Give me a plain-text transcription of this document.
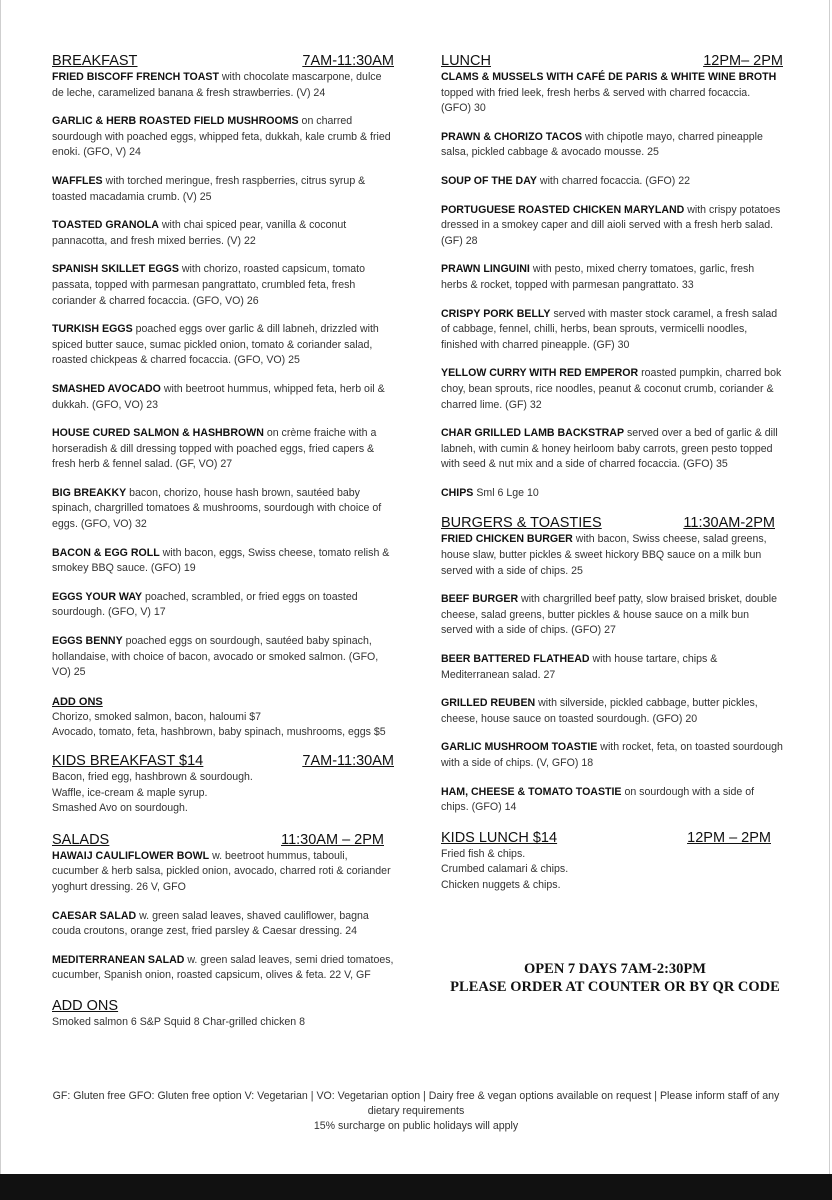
BREAKFAST	7AM-11:30AM
FRIED BISCOFF FRENCH TOAST with chocolate mascarpone, dulce de leche, caramelized banana & fresh strawberries. (V) 24
GARLIC & HERB ROASTED FIELD MUSHROOMS on charred sourdough with poached eggs, whipped feta, dukkah, kale crumb & fried enoki. (GFO, V) 24
WAFFLES with torched meringue, fresh raspberries, citrus syrup & toasted macadamia crumb. (V) 25
TOASTED GRANOLA with chai spiced pear, vanilla & coconut pannacotta, and fresh mixed berries. (V) 22
SPANISH SKILLET EGGS with chorizo, roasted capsicum, tomato passata, topped with parmesan pangrattato, crumbled feta, fresh coriander & charred focaccia. (GFO, VO) 26
TURKISH EGGS poached eggs over garlic & dill labneh, drizzled with spiced butter sauce, sumac pickled onion, tomato & coriander salad, roasted chickpeas & charred focaccia. (GFO, VO) 25
SMASHED AVOCADO with beetroot hummus, whipped feta, herb oil & dukkah. (GFO, VO) 23
HOUSE CURED SALMON & HASHBROWN on crème fraiche with a horseradish & dill dressing topped with poached eggs, fried capers & fresh herb & fennel salad. (GF, VO) 27
BIG BREAKKY bacon, chorizo, house hash brown, sautéed baby spinach, chargrilled tomatoes & mushrooms, sourdough with choice of eggs. (GFO, VO) 32
BACON & EGG ROLL with bacon, eggs, Swiss cheese, tomato relish & smokey BBQ sauce. (GFO) 19
EGGS YOUR WAY poached, scrambled, or fried eggs on toasted sourdough. (GFO, V) 17
EGGS BENNY poached eggs on sourdough, sautéed baby spinach, hollandaise, with choice of bacon, avocado or smoked salmon. (GFO, VO) 25
ADD ONS
Chorizo, smoked salmon, bacon, haloumi $7
Avocado, tomato, feta, hashbrown, baby spinach, mushrooms, eggs $5
KIDS BREAKFAST $14	7AM-11:30AM
Bacon, fried egg, hashbrown & sourdough.
Waffle, ice-cream & maple syrup.
Smashed Avo on sourdough.
SALADS	11:30AM – 2PM
HAWAIJ CAULIFLOWER BOWL w. beetroot hummus, tabouli, cucumber & herb salsa, pickled onion, avocado, charred roti & coriander yoghurt dressing. 26 V, GFO
CAESAR SALAD w. green salad leaves, shaved cauliflower, bagna couda croutons, orange zest, fried parsley & Caesar dressing. 24
MEDITERRANEAN SALAD w. green salad leaves, semi dried tomatoes, cucumber, Spanish onion, roasted capsicum, olives & feta. 22 V, GF
ADD ONS
Smoked salmon 6 S&P Squid 8 Char-grilled chicken 8
LUNCH	12PM– 2PM
CLAMS & MUSSELS WITH CAFÉ DE PARIS & WHITE WINE BROTH topped with fried leek, fresh herbs & served with charred focaccia. (GFO) 30
PRAWN & CHORIZO TACOS with chipotle mayo, charred pineapple salsa, pickled cabbage & avocado mousse. 25
SOUP OF THE DAY with charred focaccia. (GFO) 22
PORTUGUESE ROASTED CHICKEN MARYLAND with crispy potatoes dressed in a smokey caper and dill aioli served with a fresh herb salad. (GF) 28
PRAWN LINGUINI with pesto, mixed cherry tomatoes, garlic, fresh herbs & rocket, topped with parmesan pangrattato. 33
CRISPY PORK BELLY served with master stock caramel, a fresh salad of cabbage, fennel, chilli, herbs, bean sprouts, vermicelli noodles, finished with charred pineapple. (GF) 30
YELLOW CURRY WITH RED EMPEROR roasted pumpkin, charred bok choy, bean sprouts, rice noodles, peanut & coconut crumb, coriander & charred lime. (GF) 32
CHAR GRILLED LAMB BACKSTRAP served over a bed of garlic & dill labneh, with cumin & honey heirloom baby carrots, green pesto topped with seed & nut mix and a side of charred focaccia. (GFO) 35
CHIPS Sml 6 Lge 10
BURGERS & TOASTIES	11:30AM-2PM
FRIED CHICKEN BURGER with bacon, Swiss cheese, salad greens, house slaw, butter pickles & sweet hickory BBQ sauce on a milk bun served with a side of chips. 25
BEEF BURGER with chargrilled beef patty, slow braised brisket, double cheese, salad greens, butter pickles & house sauce on a milk bun served with a side of chips. (GFO) 27
BEER BATTERED FLATHEAD with house tartare, chips & Mediterranean salad. 27
GRILLED REUBEN with silverside, pickled cabbage, butter pickles, cheese, house sauce on toasted sourdough. (GFO) 20
GARLIC MUSHROOM TOASTIE with rocket, feta, on toasted sourdough with a side of chips. (V, GFO) 18
HAM, CHEESE & TOMATO TOASTIE on sourdough with a side of chips. (GFO) 14
KIDS LUNCH $14	12PM – 2PM
Fried fish & chips.
Crumbed calamari & chips.
Chicken nuggets & chips.
OPEN 7 DAYS 7AM-2:30PM
PLEASE ORDER AT COUNTER OR BY QR CODE
GF: Gluten free GFO: Gluten free option V: Vegetarian | VO: Vegetarian option | Dairy free & vegan options available on request | Please inform staff of any dietary requirements
15% surcharge on public holidays will apply
